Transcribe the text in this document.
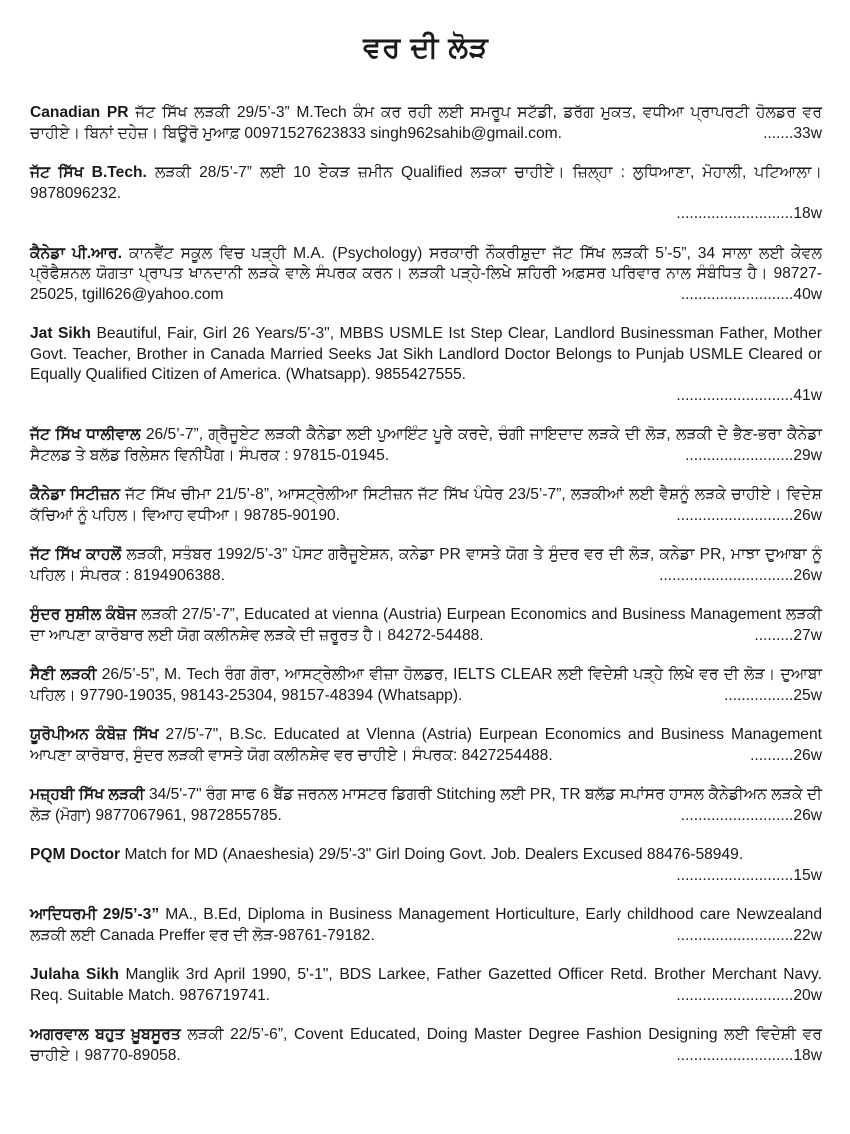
ਵਰ ਦੀ ਲੋੜ
Canadian PR ਜੱਟ ਸਿੱਖ ਲੜਕੀ 29/5’-3” M.Tech ਕੰਮ ਕਰ ਰਹੀ ਲਈ ਸਮਰੂਪ ਸਟੱਡੀ, ਡਰੱਗ ਮੁਕਤ, ਵਧੀਆ ਪ੍ਰਾਪਰਟੀ ਹੋਲਡਰ ਵਰ ਚਾਹੀਏ। ਬਿਨਾਂ ਦਹੇਜ਼। ਬਿਊਰੋ ਮੁਆਫ਼ 00971527623833 singh962sahib@gmail.com.	.......33w
ਜੱਟ ਸਿੱਖ B.Tech. ਲੜਕੀ 28/5’-7” ਲਈ 10 ਏਕੜ ਜ਼ਮੀਨ Qualified ਲੜਕਾ ਚਾਹੀਏ। ਜ਼ਿਲ੍ਹਾ : ਲੁਧਿਆਣਾ, ਮੋਹਾਲੀ, ਪਟਿਆਲਾ। 9878096232.
...........................18w
ਕੈਨੇਡਾ ਪੀ.ਆਰ. ਕਾਨਵੈਂਟ ਸਕੂਲ ਵਿਚ ਪੜ੍ਹੀ M.A. (Psychology) ਸਰਕਾਰੀ ਨੌਕਰੀਸ਼ੁਦਾ ਜੱਟ ਸਿੱਖ ਲੜਕੀ 5’-5”, 34 ਸਾਲਾ ਲਈ ਕੇਵਲ ਪ੍ਰੋਫੈਸ਼ਨਲ ਯੋਗਤਾ ਪ੍ਰਾਪਤ ਖਾਨਦਾਨੀ ਲੜਕੇ ਵਾਲੇ ਸੰਪਰਕ ਕਰਨ। ਲੜਕੀ ਪੜ੍ਹੇ-ਲਿਖੇ ਸ਼ਹਿਰੀ ਅਫ਼ਸਰ ਪਰਿਵਾਰ ਨਾਲ ਸੰਬੰਧਿਤ ਹੈ। 98727-25025, tgill626@yahoo.com	..........................40w
Jat Sikh Beautiful, Fair, Girl 26 Years/5'-3", MBBS USMLE Ist Step Clear, Landlord Businessman Father, Mother Govt. Teacher, Brother in Canada Married Seeks Jat Sikh Landlord Doctor Belongs to Punjab USMLE Cleared or Equally Qualified Citizen of America. (Whatsapp). 9855427555.
...........................41w
ਜੱਟ ਸਿੱਖ ਧਾਲੀਵਾਲ 26/5’-7”, ਗ੍ਰੈਜੂਏਟ ਲੜਕੀ ਕੈਨੇਡਾ ਲਈ ਪੁਆਇੰਟ ਪੂਰੇ ਕਰਦੇ, ਚੰਗੀ ਜਾਇਦਾਦ ਲੜਕੇ ਦੀ ਲੋੜ, ਲੜਕੀ ਦੇ ਭੈਣ-ਭਰਾ ਕੈਨੇਡਾ ਸੈਟਲਡ ਤੇ ਬਲੱਡ ਰਿਲੇਸ਼ਨ ਵਿਨੀਪੈੱਗ। ਸੰਪਰਕ : 97815-01945.	.........................29w
ਕੈਨੇਡਾ ਸਿਟੀਜ਼ਨ ਜੱਟ ਸਿੱਖ ਚੀਮਾ 21/5’-8”, ਆਸਟ੍ਰੇਲੀਆ ਸਿਟੀਜ਼ਨ ਜੱਟ ਸਿੱਖ ਪੰਧੇਰ 23/5’-7”, ਲੜਕੀਆਂ ਲਈ ਵੈਸ਼ਨੂੰ ਲੜਕੇ ਚਾਹੀਏ। ਵਿਦੇਸ਼ ਕੱਚਿਆਂ ਨੂੰ ਪਹਿਲ। ਵਿਆਹ ਵਧੀਆ। 98785-90190.	...........................26w
ਜੱਟ ਸਿੱਖ ਕਾਹਲੋਂ ਲੜਕੀ, ਸਤੰਬਰ 1992/5’-3” ਪੋਸਟ ਗਰੈਜੂਏਸ਼ਨ, ਕਨੇਡਾ PR ਵਾਸਤੇ ਯੋਗ ਤੇ ਸੁੰਦਰ ਵਰ ਦੀ ਲੋੜ, ਕਨੇਡਾ PR, ਮਾਝਾ ਦੁਆਬਾ ਨੂੰ ਪਹਿਲ। ਸੰਪਰਕ : 8194906388.	...............................26w
ਸੁੰਦਰ ਸੁਸ਼ੀਲ ਕੰਬੋਜ ਲੜਕੀ 27/5’-7”, Educated at vienna (Austria) Eurpean Economics and Business Management ਲੜਕੀ ਦਾ ਆਪਣਾ ਕਾਰੋਬਾਰ ਲਈ ਯੋਗ ਕਲੀਨਸ਼ੇਵ ਲੜਕੇ ਦੀ ਜ਼ਰੂਰਤ ਹੈ। 84272-54488.	.........27w
ਸੈਣੀ ਲੜਕੀ 26/5’-5”, M. Tech ਰੰਗ ਗੋਰਾ, ਆਸਟ੍ਰੇਲੀਆ ਵੀਜ਼ਾ ਹੋਲਡਰ, IELTS CLEAR ਲਈ ਵਿਦੇਸ਼ੀ ਪੜ੍ਹੇ ਲਿਖੇ ਵਰ ਦੀ ਲੋੜ। ਦੁਆਬਾ ਪਹਿਲ। 97790-19035, 98143-25304, 98157-48394 (Whatsapp).	................25w
ਯੂਰੋਪੀਅਨ ਕੰਬੋਜ਼ ਸਿੱਖ 27/5'-7", B.Sc. Educated at Vlenna (Astria) Eurpean Economics and Business Management ਆਪਣਾ ਕਾਰੋਬਾਰ, ਸੁੰਦਰ ਲੜਕੀ ਵਾਸਤੇ ਯੋਗ ਕਲੀਨਸ਼ੇਵ ਵਰ ਚਾਹੀਏ। ਸੰਪਰਕ: 8427254488.	..........26w
ਮਜ਼੍ਹਬੀ ਸਿੱਖ ਲੜਕੀ 34/5'-7" ਰੰਗ ਸਾਫ 6 ਬੈਂਡ ਜਰਨਲ ਮਾਸਟਰ ਡਿਗਰੀ Stitching ਲਈ PR, TR ਬਲੱਡ ਸਪਾਂਸਰ ਹਾਸਲ ਕੈਨੇਡੀਅਨ ਲੜਕੇ ਦੀ ਲੋੜ (ਮੋਗਾ) 9877067961, 9872855785.	..........................26w
PQM Doctor Match for MD (Anaeshesia) 29/5'-3" Girl Doing Govt. Job. Dealers Excused 88476-58949.
...........................15w
ਆਦਿਧਰਮੀ 29/5’-3” MA., B.Ed, Diploma in Business Management Horticulture, Early childhood care Newzealand ਲੜਕੀ ਲਈ Canada Preffer ਵਰ ਦੀ ਲੋੜ-98761-79182.	...........................22w
Julaha Sikh Manglik 3rd April 1990, 5'-1", BDS Larkee, Father Gazetted Officer Retd. Brother Merchant Navy. Req. Suitable Match. 9876719741.	...........................20w
ਅਗਰਵਾਲ ਬਹੁਤ ਖ਼ੂਬਸੂਰਤ ਲੜਕੀ 22/5’-6”, Covent Educated, Doing Master Degree Fashion Designing ਲਈ ਵਿਦੇਸ਼ੀ ਵਰ ਚਾਹੀਏ। 98770-89058.	...........................18w
